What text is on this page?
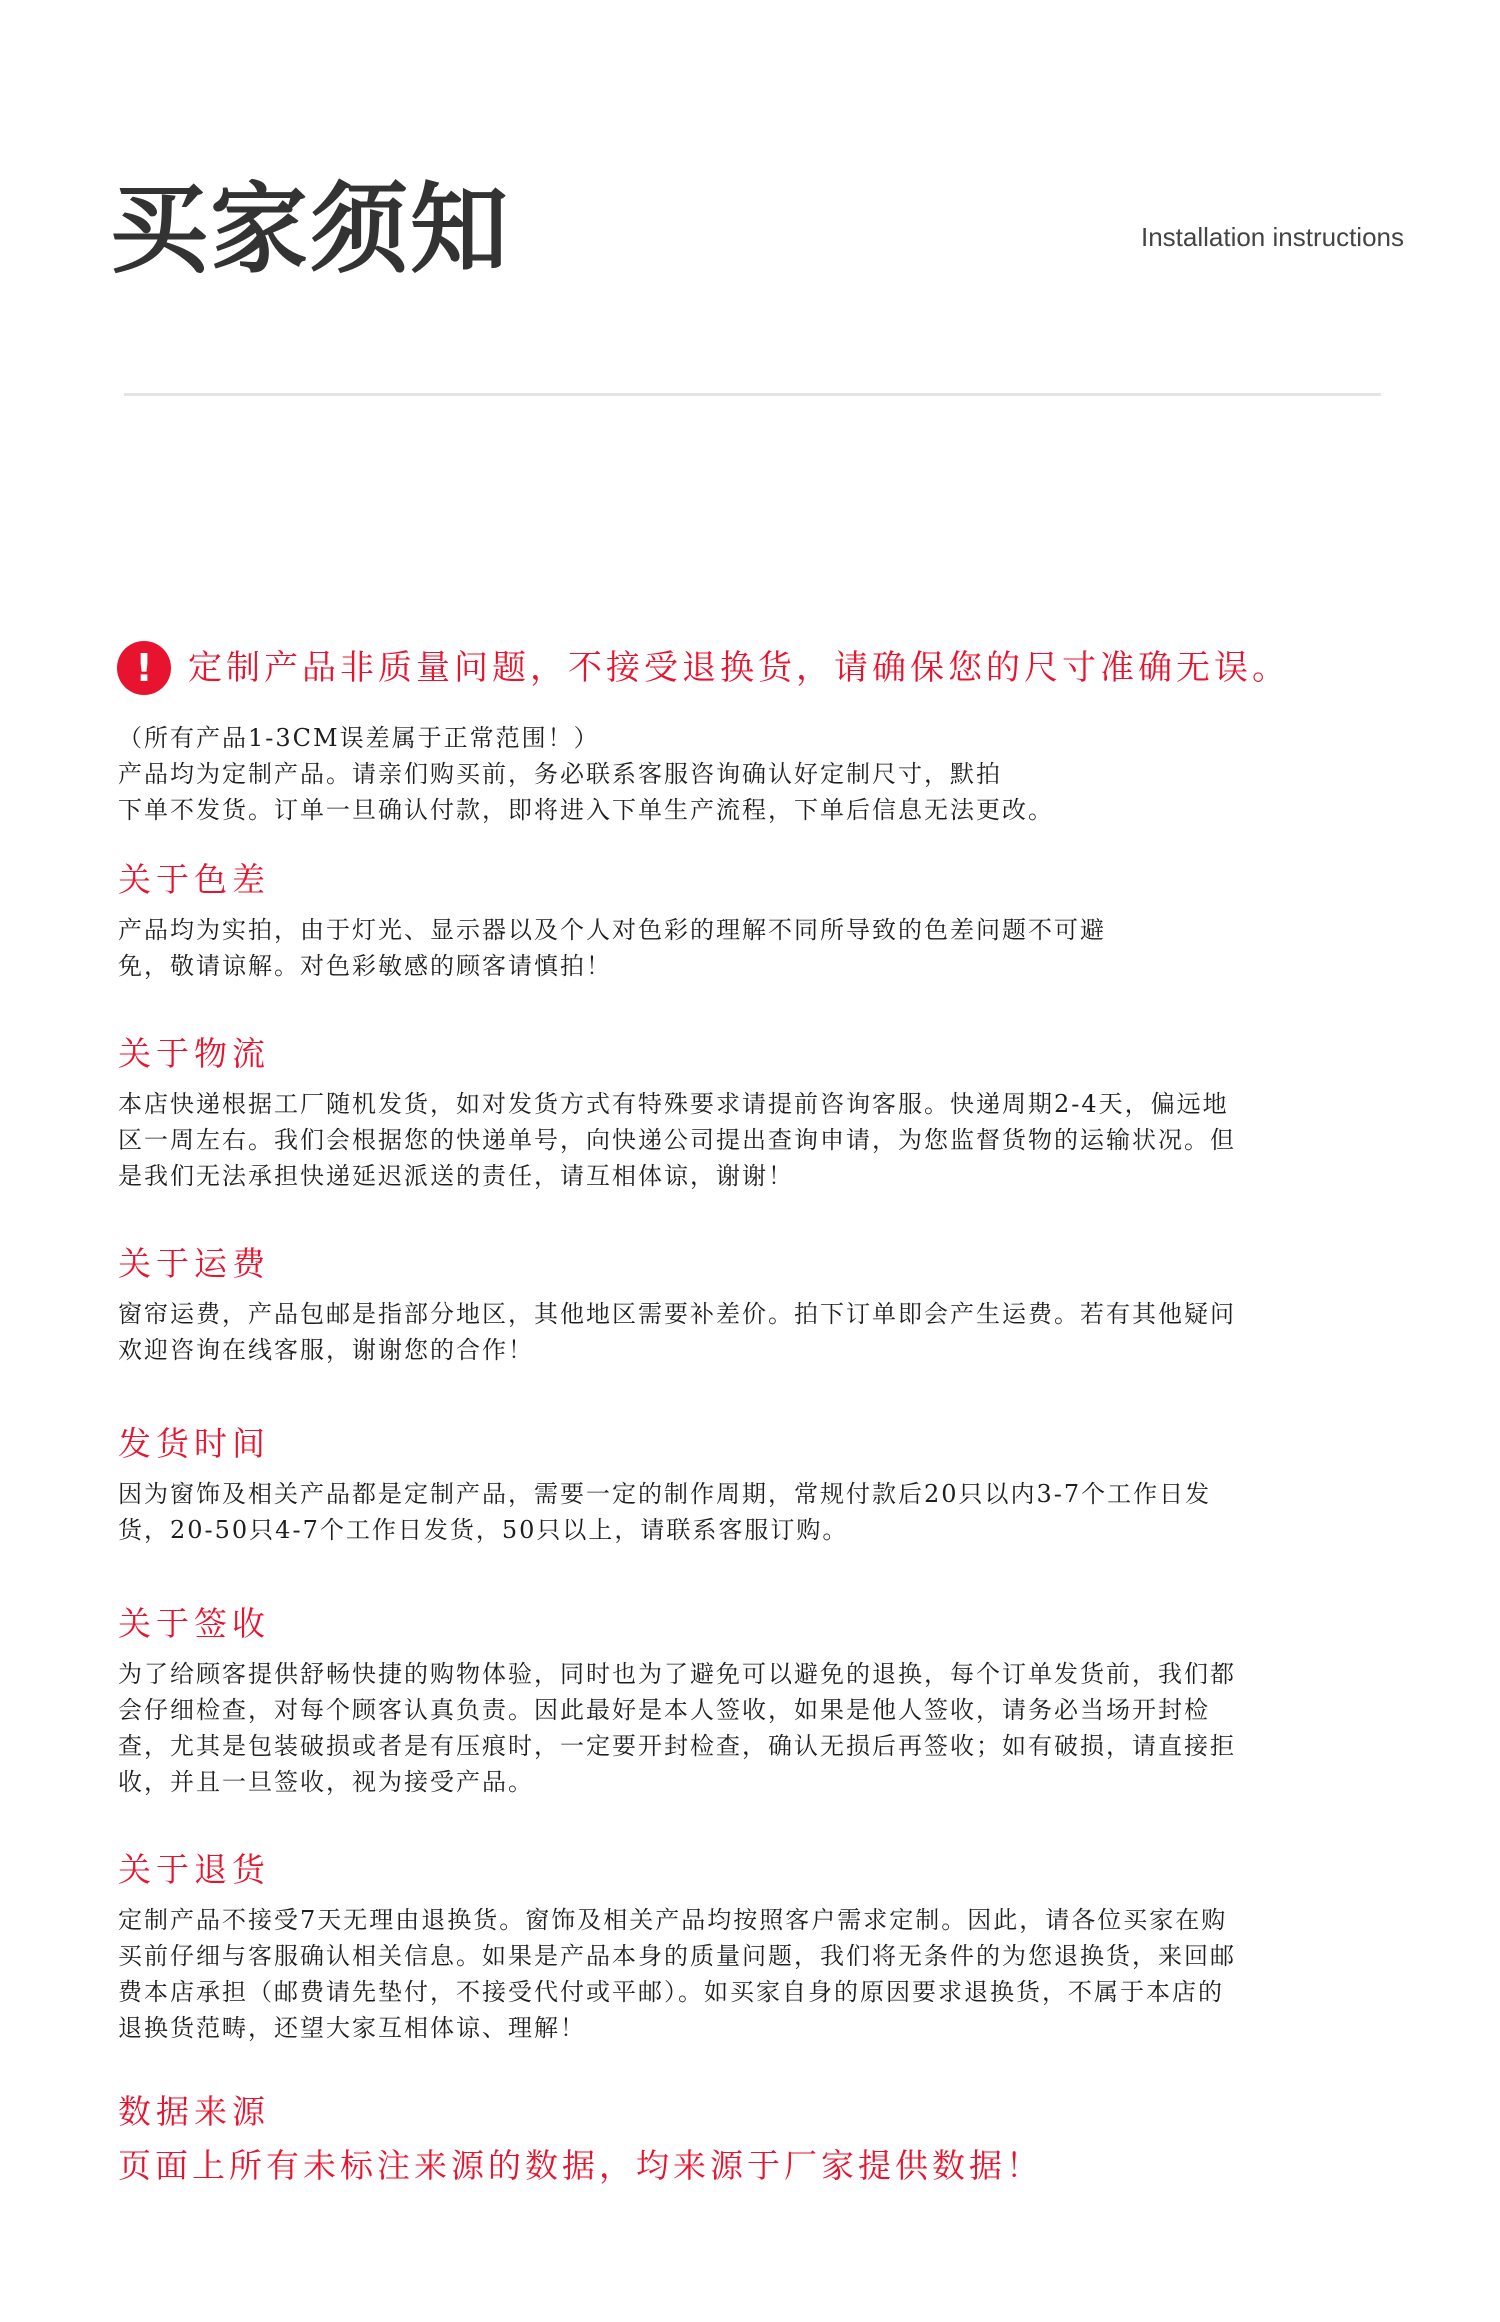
买家须知	Installation instructions
!	定制产品非质量问题，不接受退换货，请确保您的尺寸准确无误。
（所有产品1-3CM误差属于正常范围！）
产品均为定制产品。请亲们购买前，务必联系客服咨询确认好定制尺寸，默拍
下单不发货。订单一旦确认付款，即将进入下单生产流程，下单后信息无法更改。
关于色差
产品均为实拍，由于灯光、显示器以及个人对色彩的理解不同所导致的色差问题不可避
免，敬请谅解。对色彩敏感的顾客请慎拍！
关于物流
本店快递根据工厂随机发货，如对发货方式有特殊要求请提前咨询客服。快递周期2-4天，偏远地
区一周左右。我们会根据您的快递单号，向快递公司提出查询申请，为您监督货物的运输状况。但
是我们无法承担快递延迟派送的责任，请互相体谅，谢谢！
关于运费
窗帘运费，产品包邮是指部分地区，其他地区需要补差价。拍下订单即会产生运费。若有其他疑问
欢迎咨询在线客服，谢谢您的合作！
发货时间
因为窗饰及相关产品都是定制产品，需要一定的制作周期，常规付款后20只以内3-7个工作日发
货，20-50只4-7个工作日发货，50只以上，请联系客服订购。
关于签收
为了给顾客提供舒畅快捷的购物体验，同时也为了避免可以避免的退换，每个订单发货前，我们都
会仔细检查，对每个顾客认真负责。因此最好是本人签收，如果是他人签收，请务必当场开封检
查，尤其是包装破损或者是有压痕时，一定要开封检查，确认无损后再签收；如有破损，请直接拒
收，并且一旦签收，视为接受产品。
关于退货
定制产品不接受7天无理由退换货。窗饰及相关产品均按照客户需求定制。因此，请各位买家在购
买前仔细与客服确认相关信息。如果是产品本身的质量问题，我们将无条件的为您退换货，来回邮
费本店承担（邮费请先垫付，不接受代付或平邮）。如买家自身的原因要求退换货，不属于本店的
退换货范畴，还望大家互相体谅、理解！
数据来源
页面上所有未标注来源的数据，均来源于厂家提供数据！
